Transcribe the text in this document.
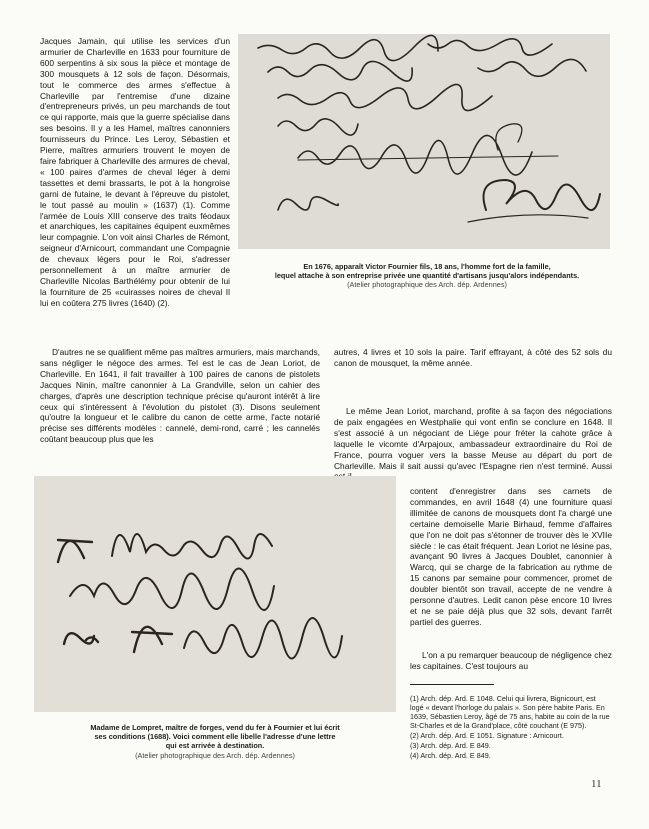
Jacques Jamain, qui utilise les services d'un armurier de Charleville en 1633 pour fourniture de 600 serpentins à six sous la pièce et montage de 300 mousquets à 12 sols de façon. Désormais, tout le commerce des armes s'effectue à Charleville par l'entremise d'une dizaine d'entrepreneurs privés, un peu marchands de tout ce qui rapporte, mais que la guerre spécialise dans ses besoins. Il y a les Hamel, maîtres canonniers fournisseurs du Prince. Les Leroy, Sébastien et Pierre, maîtres armuriers trouvent le moyen de faire fabriquer à Charleville des armures de cheval, « 100 paires d'armes de cheval léger à demi tassettes et demi brassarts, le pot à la hongroise garni de futaine, le devant à l'épreuve du pistolet, le tout passé au moulin » (1637) (1). Comme l'armée de Louis XIII conserve des traits féodaux et anarchiques, les capitaines équipent euxmêmes leur compagnie. L'on voit ainsi Charles de Rémont, seigneur d'Arnicourt, commandant une Compagnie de chevaux légers pour le Roi, s'adresser personnellement à un maître armurier de Charleville Nicolas Barthélémy pour obtenir de lui la fourniture de 25 «cuirasses noires de cheval Il lui en coûtera 275 livres (1640) (2).

En 1676, apparaît Victor Fournier fils, 18 ans, l'homme fort de la famille,
lequel attache à son entreprise privée une quantité d'artisans jusqu'alors indépendants.

(Atelier photographique des Arch. dép. Ardennes)

D'autres ne se qualifient même pas maîtres armuriers, mais marchands, sans négliger le négoce des armes. Tel est le cas de Jean Loriot, de Charleville. En 1641, il fait travailler à 100 paires de canons de pistolets Jacques Ninin, maître canonnier à La Grandville, selon un cahier des charges, d'après une description technique précise qu'auront intérêt à lire ceux qui s'intéressent à l'évolution du pistolet (3). Disons seulement qu'outre la longueur et le calibre du canon de cette arme, l'acte notarié précise ses différents modèles : cannelé, demi-rond, carré ; les cannelés coûtant beaucoup plus que les

autres, 4 livres et 10 sols la paire. Tarif effrayant, à côté des 52 sols du canon de mousquet, la même année.

Le même Jean Loriot, marchand, profite à sa façon des négociations de paix engagées en Westphalie qui vont enfin se conclure en 1648. Il s'est associé à un négociant de Liège pour fréter la cahote grâce à laquelle le vicomte d'Arpajoux, ambassadeur extraordinaire du Roi de France, pourra voguer vers la basse Meuse au départ du port de Charleville. Mais il sait aussi qu'avec l'Espagne rien n'est terminé. Aussi

content d'enregistrer dans ses carnets de commandes, en avril 1648 (4) une fourniture quasi illimitée de canons de mousquets dont l'a chargé une certaine demoiselle Marie Birhaud, femme d'affaires que l'on ne doit pas s'étonner de trouver dès le XVIIe siècle : le cas était fréquent. Jean Loriot ne lésine pas, avançant 90 livres à Jacques Doublet, canonnier à Warcq, qui se charge de la fabrication au rythme de 15 canons par semaine pour commencer, promet de doubler bientôt son travail, accepte de ne vendre à personne d'autres. Ledit canon pèse encore 10 livres et ne se paie déjà plus que 32 sols, devant l'arrêt partiel des guerres.

L'on a pu remarquer beaucoup de négligence chez les capitaines. C'est toujours au

Madame de Lompret, maître de forges, vend du fer à Fournier et lui écrit
ses conditions (1688). Voici comment elle libelle l'adresse d'une lettre
qui est arrivée à destination.

(Atelier photographique des Arch. dép. Ardennes)
(1) Arch. dép. Ard. E 1048. Celui qui livrera, Bignicourt, est logé « devant l'horloge du palais ». Son père habite Paris. En 1639, Sébastien Leroy, âgé de 75 ans, habite au coin de la rue St-Charles et de la Grand'place, côté couchant (E 975).
(2) Arch. dép. Ard. E 1051. Signature : Arnicourt.
(3) Arch. dép. Ard. E 849.
(4) Arch. dép. Ard. E 849.
11
